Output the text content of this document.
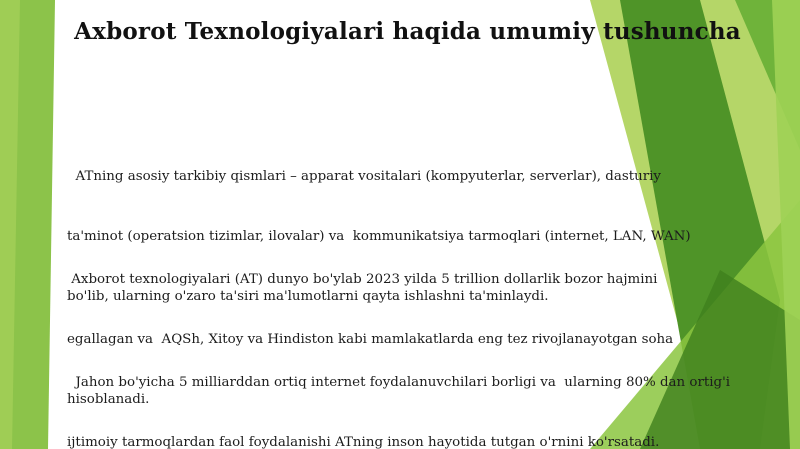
Axborot Texnologiyalari haqida umumiy tushuncha

ATning asosiy tarkibiy qismlari – apparat vositalari (kompyuterlar, serverlar), dasturiy

ta'minot (operatsion tizimlar, ilovalar) va  kommunikatsiya tarmoqlari (internet, LAN, WAN)

bo'lib, ularning o'zaro ta'siri ma'lumotlarni qayta ishlashni ta'minlaydi.

Axborot texnologiyalari (AT) dunyo bo'ylab 2023 yilda 5 trillion dollarlik bozor hajmini

egallagan va  AQSh, Xitoy va Hindiston kabi mamlakatlarda eng tez rivojlanayotgan soha

hisoblanadi.

Jahon bo'yicha 5 milliarddan ortiq internet foydalanuvchilari borligi va  ularning 80% dan ortig'i

ijtimoiy tarmoqlardan faol foydalanishi ATning inson hayotida tutgan o'rnini ko'rsatadi.
